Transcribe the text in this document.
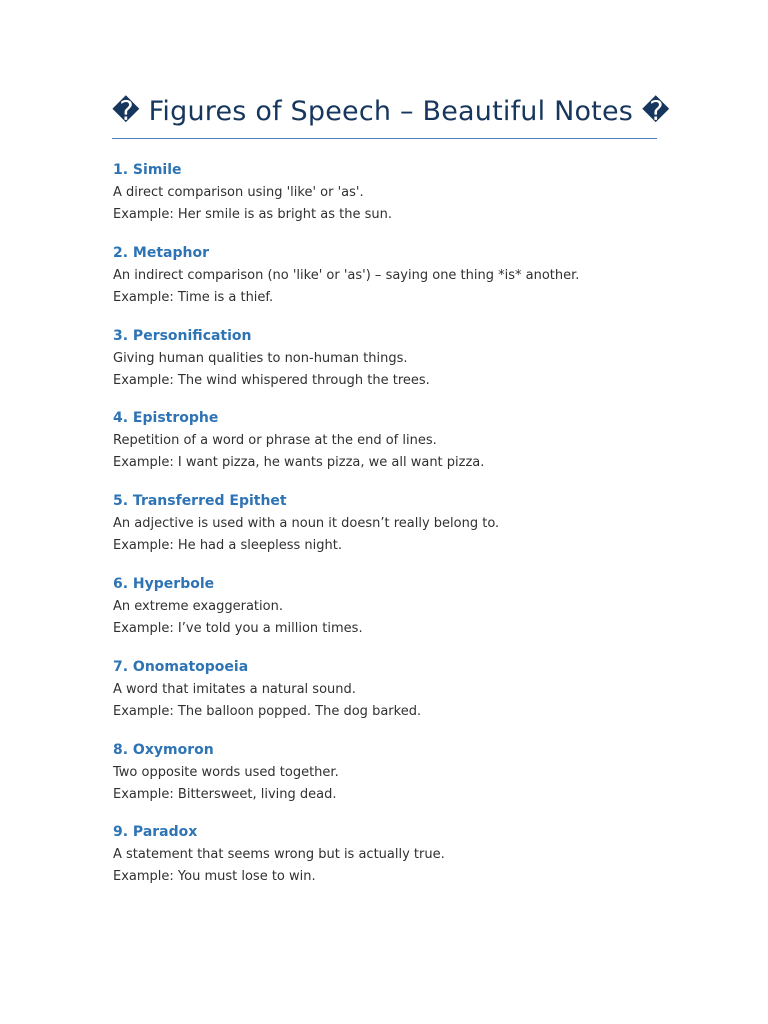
� Figures of Speech – Beautiful Notes �

1. Simile

A direct comparison using 'like' or 'as'.

Example: Her smile is as bright as the sun.

2. Metaphor

An indirect comparison (no 'like' or 'as') – saying one thing *is* another.

Example: Time is a thief.

3. Personification

Giving human qualities to non-human things.

Example: The wind whispered through the trees.

4. Epistrophe

Repetition of a word or phrase at the end of lines.

Example: I want pizza, he wants pizza, we all want pizza.

5. Transferred Epithet

An adjective is used with a noun it doesn’t really belong to.

Example: He had a sleepless night.

6. Hyperbole

An extreme exaggeration.

Example: I’ve told you a million times.

7. Onomatopoeia

A word that imitates a natural sound.

Example: The balloon popped. The dog barked.

8. Oxymoron

Two opposite words used together.

Example: Bittersweet, living dead.

9. Paradox

A statement that seems wrong but is actually true.

Example: You must lose to win.
